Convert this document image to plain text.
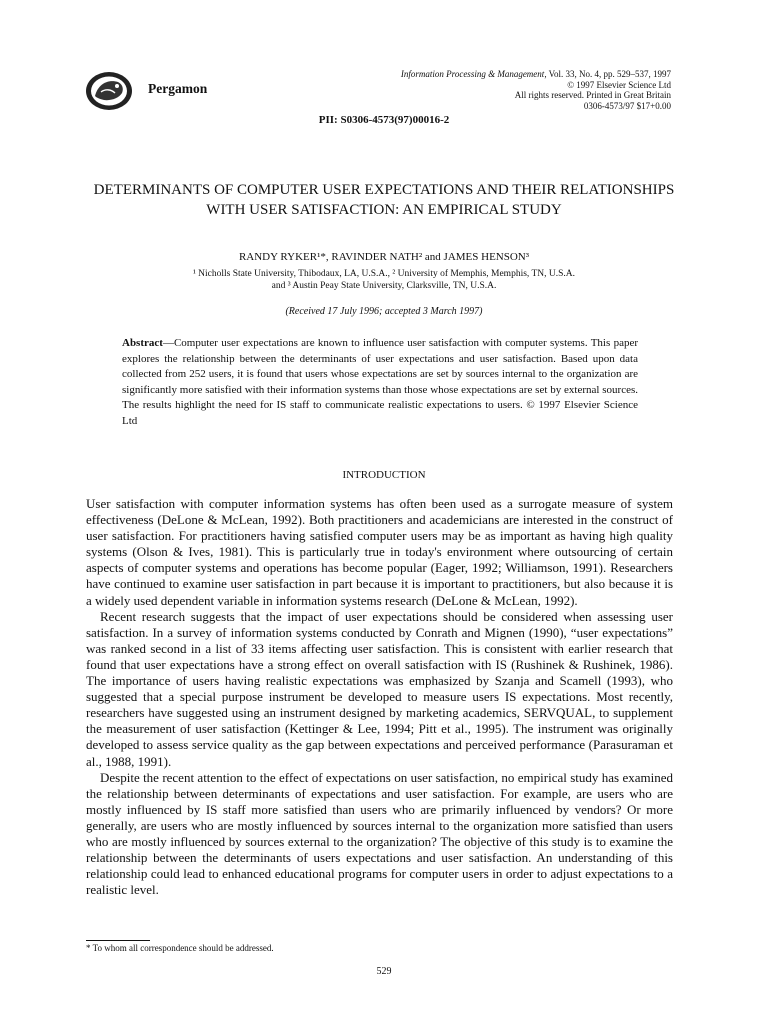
Pergamon
Information Processing & Management, Vol. 33, No. 4, pp. 529–537, 1997
© 1997 Elsevier Science Ltd
All rights reserved. Printed in Great Britain
0306-4573/97 $17+0.00
PII: S0306-4573(97)00016-2
DETERMINANTS OF COMPUTER USER EXPECTATIONS AND THEIR RELATIONSHIPS WITH USER SATISFACTION: AN EMPIRICAL STUDY
RANDY RYKER¹*, RAVINDER NATH² and JAMES HENSON³
¹ Nicholls State University, Thibodaux, LA, U.S.A., ² University of Memphis, Memphis, TN, U.S.A.
and ³ Austin Peay State University, Clarksville, TN, U.S.A.
(Received 17 July 1996; accepted 3 March 1997)
Abstract—Computer user expectations are known to influence user satisfaction with computer systems. This paper explores the relationship between the determinants of user expectations and user satisfaction. Based upon data collected from 252 users, it is found that users whose expectations are set by sources internal to the organization are significantly more satisfied with their information systems than those whose expectations are set by external sources. The results highlight the need for IS staff to communicate realistic expectations to users. © 1997 Elsevier Science Ltd
INTRODUCTION

User satisfaction with computer information systems has often been used as a surrogate measure of system effectiveness (DeLone & McLean, 1992). Both practitioners and academicians are interested in the construct of user satisfaction. For practitioners having satisfied computer users may be as important as having high quality systems (Olson & Ives, 1981). This is particularly true in today's environment where outsourcing of certain aspects of computer systems and operations has become popular (Eager, 1992; Williamson, 1991). Researchers have continued to examine user satisfaction in part because it is important to practitioners, but also because it is a widely used dependent variable in information systems research (DeLone & McLean, 1992).

Recent research suggests that the impact of user expectations should be considered when assessing user satisfaction. In a survey of information systems conducted by Conrath and Mignen (1990), “user expectations” was ranked second in a list of 33 items affecting user satisfaction. This is consistent with earlier research that found that user expectations have a strong effect on overall satisfaction with IS (Rushinek & Rushinek, 1986). The importance of users having realistic expectations was emphasized by Szanja and Scamell (1993), who suggested that a special purpose instrument be developed to measure users IS expectations. Most recently, researchers have suggested using an instrument designed by marketing academics, SERVQUAL, to supplement the measurement of user satisfaction (Kettinger & Lee, 1994; Pitt et al., 1995). The instrument was originally developed to assess service quality as the gap between expectations and perceived performance (Parasuraman et al., 1988, 1991).

Despite the recent attention to the effect of expectations on user satisfaction, no empirical study has examined the relationship between determinants of expectations and user satisfaction. For example, are users who are mostly influenced by IS staff more satisfied than users who are primarily influenced by vendors? Or more generally, are users who are mostly influenced by sources internal to the organization more satisfied than users who are mostly influenced by sources external to the organization? The objective of this study is to examine the relationship between the determinants of users expectations and user satisfaction. An understanding of this relationship could lead to enhanced educational programs for computer users in order to adjust expectations to a realistic level.

* To whom all correspondence should be addressed.
529
